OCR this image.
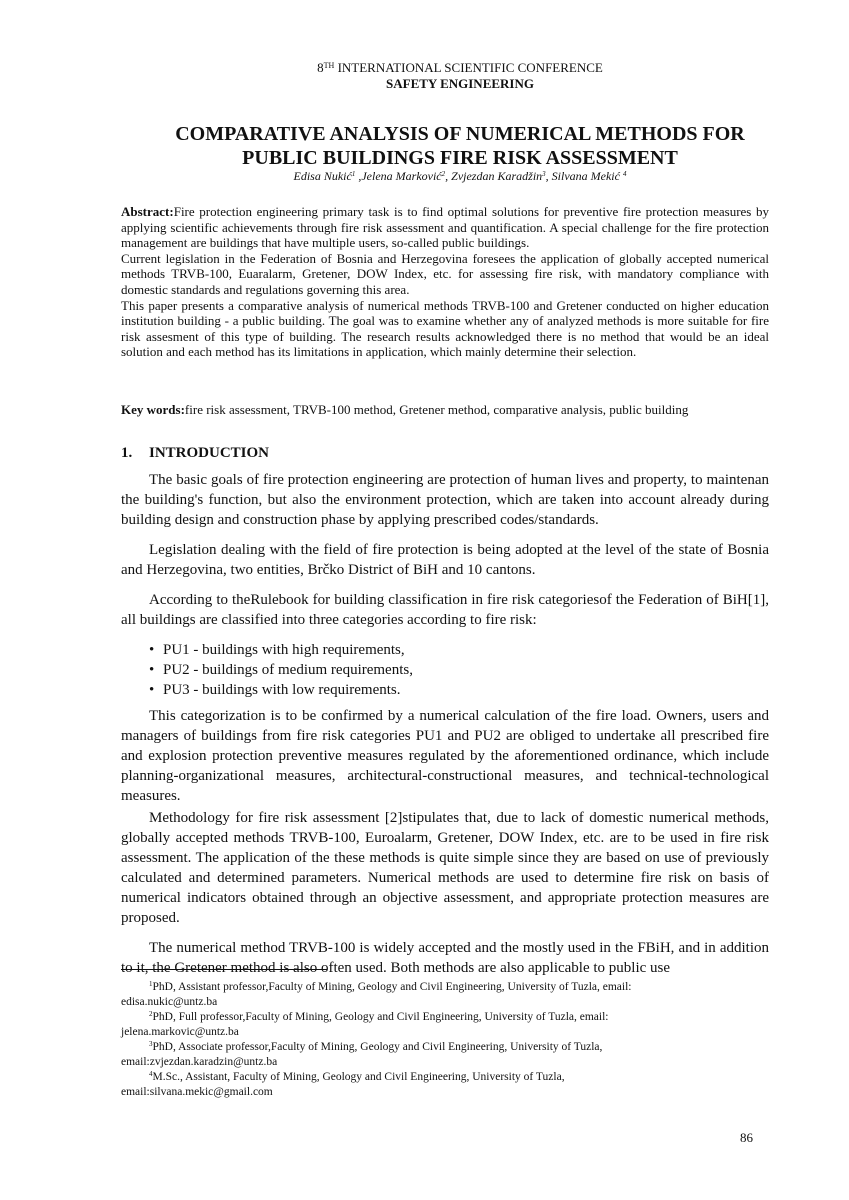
8TH INTERNATIONAL SCIENTIFIC CONFERENCE
SAFETY ENGINEERING
COMPARATIVE ANALYSIS OF NUMERICAL METHODS FOR
PUBLIC BUILDINGS FIRE RISK ASSESSMENT
Edisa Nukić$^1$ ,Jelena Marković$^2$, Zvjezdan Karadžin$^3$, Silvana Mekić $^4$

Abstract:Fire protection engineering primary task is to find optimal solutions for preventive fire protection measures by applying scientific achievements through fire risk assessment and quantification. A special challenge for the fire protection management are buildings that have multiple users, so-called public buildings.

Current legislation in the Federation of Bosnia and Herzegovina foresees the application of globally accepted numerical methods TRVB-100, Euaralarm, Gretener, DOW Index, etc. for assessing fire risk, with mandatory compliance with domestic standards and regulations governing this area.

This paper presents a comparative analysis of numerical methods TRVB-100 and Gretener conducted on higher education institution building - a public building. The goal was to examine whether any of analyzed methods is more suitable for fire risk assesment of this type of building. The research results acknowledged there is no method that would be an ideal solution and each method has its limitations in application, which mainly determine their selection.

Key words:fire risk assessment, TRVB-100 method, Gretener method, comparative analysis, public building
1. INTRODUCTION

The basic goals of fire protection engineering are protection of human lives and property, to maintenan the building's function, but also the environment protection, which are taken into account already during building design and construction phase by applying prescribed codes/standards.

Legislation dealing with the field of fire protection is being adopted at the level of the state of Bosnia and Herzegovina, two entities, Brčko District of BiH and 10 cantons.

According to theRulebook for building classification in fire risk categoriesof the Federation of BiH[1], all buildings are classified into three categories according to fire risk:

• PU1 - buildings with high requirements,
• PU2 - buildings of medium requirements,
• PU3 - buildings with low requirements.

This categorization is to be confirmed by a numerical calculation of the fire load. Owners, users and managers of buildings from fire risk categories PU1 and PU2 are obliged to undertake all prescribed fire and explosion protection preventive measures regulated by the aforementioned ordinance, which include planning-organizational measures, architectural-constructional measures, and technical-technological measures.

Methodology for fire risk assessment [2]stipulates that, due to lack of domestic numerical methods, globally accepted methods TRVB-100, Euroalarm, Gretener, DOW Index, etc. are to be used in fire risk assessment. The application of the these methods is quite simple since they are based on use of previously calculated and determined parameters. Numerical methods are used to determine fire risk on basis of numerical indicators obtained through an objective assessment, and appropriate protection measures are proposed.

The numerical method TRVB-100 is widely accepted and the mostly used in the FBiH, and in addition to it, the Gretener method is also often used. Both methods are also applicable to public use

$^1$PhD, Assistant professor,Faculty of Mining, Geology and Civil Engineering, University of Tuzla, email:
edisa.nukic@untz.ba
$^2$PhD, Full professor,Faculty of Mining, Geology and Civil Engineering, University of Tuzla, email:
jelena.markovic@untz.ba
$^3$PhD, Associate professor,Faculty of Mining, Geology and Civil Engineering, University of Tuzla,
email:zvjezdan.karadzin@untz.ba
$^4$M.Sc., Assistant, Faculty of Mining, Geology and Civil Engineering, University of Tuzla,
email:silvana.mekic@gmail.com
86
